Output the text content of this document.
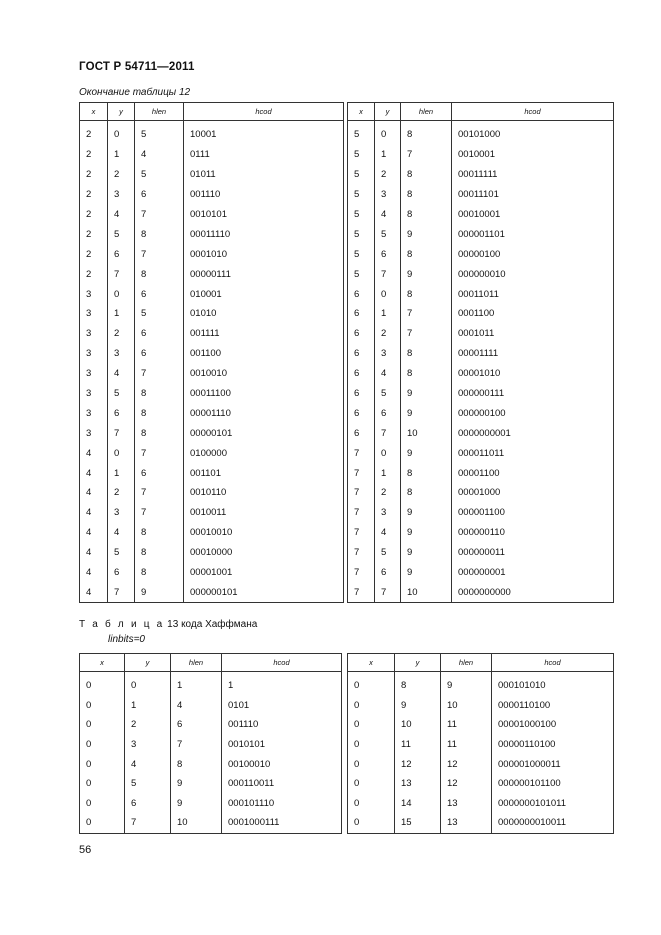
ГОСТ Р 54711—2011
Окончание таблицы 12
x	y	hlen	hcod
2	0	5	10001
2	1	4	0111
2	2	5	01011
2	3	6	001110
2	4	7	0010101
2	5	8	00011110
2	6	7	0001010
2	7	8	00000111
3	0	6	010001
3	1	5	01010
3	2	6	001111
3	3	6	001100
3	4	7	0010010
3	5	8	00011100
3	6	8	00001110
3	7	8	00000101
4	0	7	0100000
4	1	6	001101
4	2	7	0010110
4	3	7	0010011
4	4	8	00010010
4	5	8	00010000
4	6	8	00001001
4	7	9	000000101
x	y	hlen	hcod
5	0	8	00101000
5	1	7	0010001
5	2	8	00011111
5	3	8	00011101
5	4	8	00010001
5	5	9	000001101
5	6	8	00000100
5	7	9	000000010
6	0	8	00011011
6	1	7	0001100
6	2	7	0001011
6	3	8	00001111
6	4	8	00001010
6	5	9	000000111
6	6	9	000000100
6	7	10	0000000001
7	0	9	000011011
7	1	8	00001100
7	2	8	00001000
7	3	9	000001100
7	4	9	000000110
7	5	9	000000011
7	6	9	000000001
7	7	10	0000000000
Т а б л и ц а 13 кода Хаффмана
linbits=0
x	y	hlen	hcod
0	0	1	1
0	1	4	0101
0	2	6	001110
0	3	7	0010101
0	4	8	00100010
0	5	9	000110011
0	6	9	000101110
0	7	10	0001000111
x	y	hlen	hcod
0	8	9	000101010
0	9	10	0000110100
0	10	11	00001000100
0	11	11	00000110100
0	12	12	000001000011
0	13	12	000000101100
0	14	13	0000000101011
0	15	13	0000000010011
56
